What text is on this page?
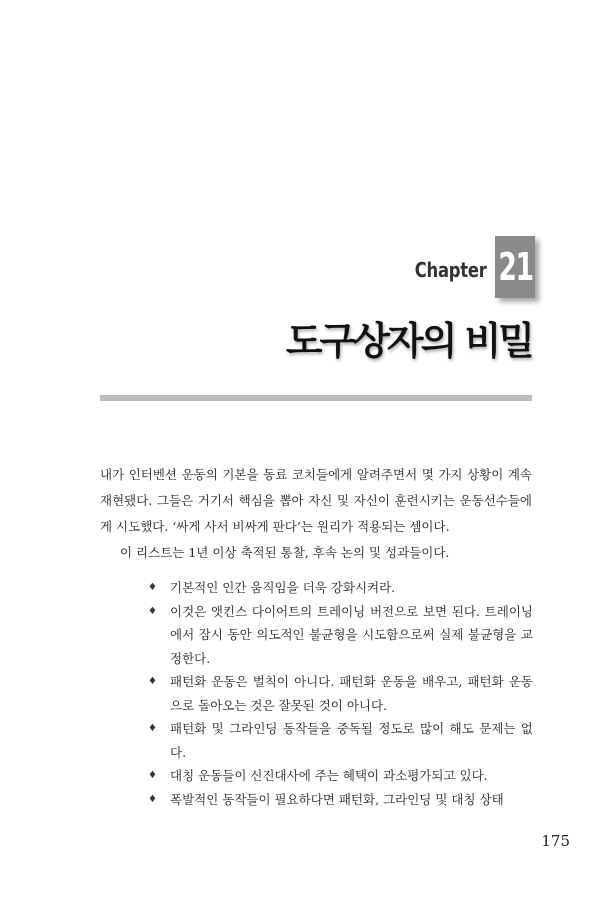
Chapter 21
도구상자의 비밀

내가 인터벤션 운동의 기본을 동료 코치들에게 알려주면서 몇 가지 상황이 계속 재현됐다. 그들은 거기서 핵심을 뽑아 자신 및 자신이 훈련시키는 운동선수들에게 시도했다. ‘싸게 사서 비싸게 판다’는 원리가 적용되는 셈이다.

이 리스트는 1년 이상 축적된 통찰, 후속 논의 및 성과들이다.

♦ 기본적인 인간 움직임을 더욱 강화시켜라.
♦ 이것은 앳킨스 다이어트의 트레이닝 버전으로 보면 된다. 트레이닝에서 잠시 동안 의도적인 불균형을 시도함으로써 실제 불균형을 교정한다.
♦ 패턴화 운동은 벌칙이 아니다. 패턴화 운동을 배우고, 패턴화 운동으로 돌아오는 것은 잘못된 것이 아니다.
♦ 패턴화 및 그라인딩 동작들을 중독될 정도로 많이 해도 문제는 없다.
♦ 대칭 운동들이 신진대사에 주는 혜택이 과소평가되고 있다.
♦ 폭발적인 동작들이 필요하다면 패턴화, 그라인딩 및 대칭 상태
175
